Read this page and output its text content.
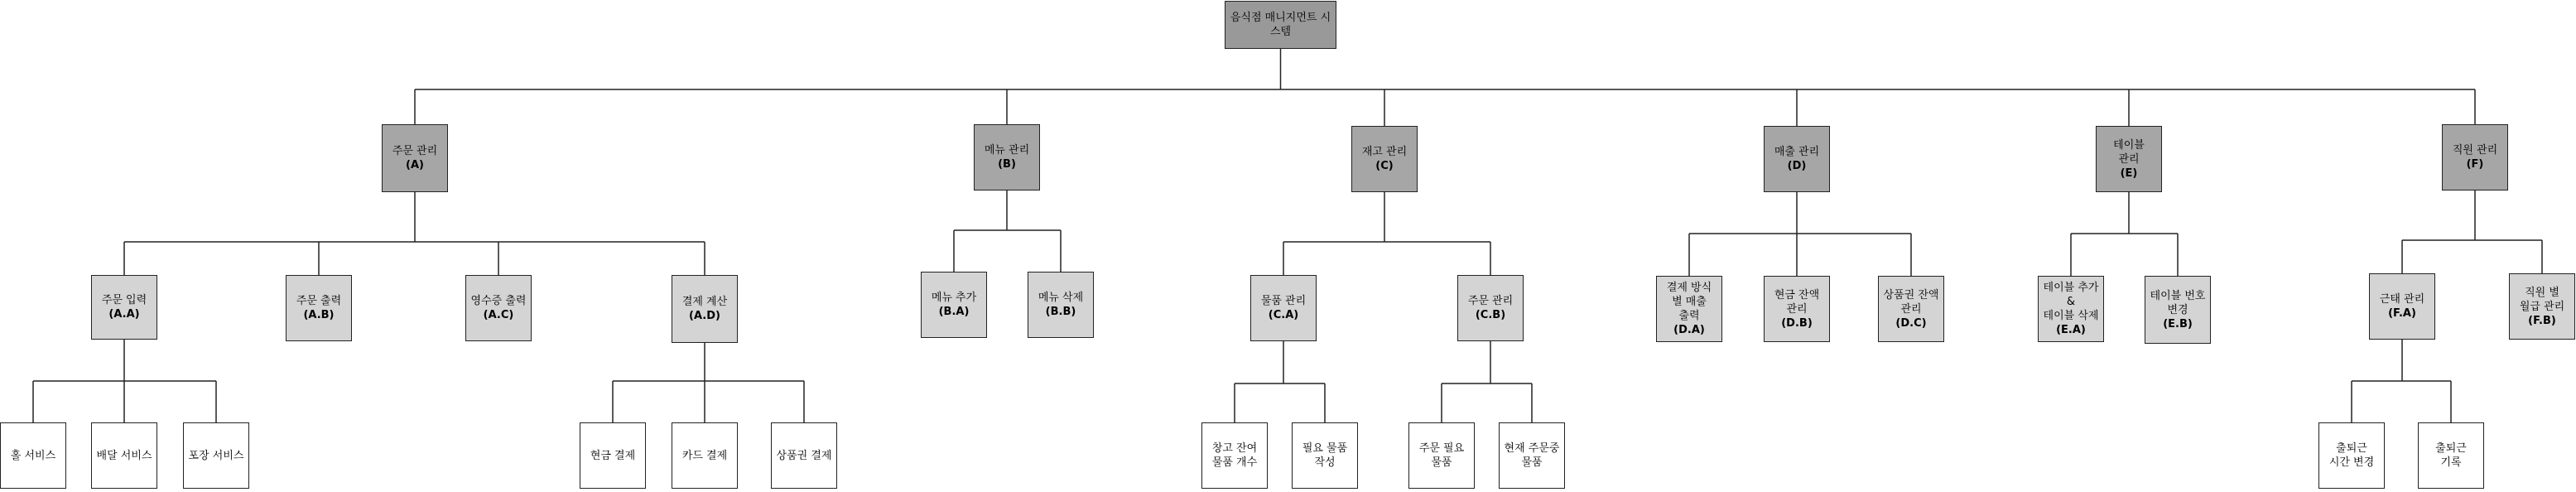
음식점 매니지먼트 시스템
주문 관리
(A)
주문 입력
(A.A)
홀 서비스	배달 서비스	포장 서비스
주문 출력
(A.B)
영수증 출력
(A.C)
결제 계산
(A.D)
현금 결제	카드 결제	상품권 결제
메뉴 관리
(B)
메뉴 추가
(B.A)
메뉴 삭제
(B.B)
재고 관리
(C)
물품 관리
(C.A)
창고 잔여
물품 개수
필요 물품
작성
주문 관리
(C.B)
주문 필요
물품
현재 주문중
물품
매출 관리
(D)
결제 방식
별 매출
출력
(D.A)
현금 잔액
관리
(D.B)
상품권 잔액
관리
(D.C)
테이블
관리
(E)
테이블 추가
&
테이블 삭제
(E.A)
테이블 번호
변경
(E.B)
직원 관리
(F)
근태 관리
(F.A)
출퇴근
시간 변경
출퇴근
기록
직원 별
월급 관리
(F.B)
